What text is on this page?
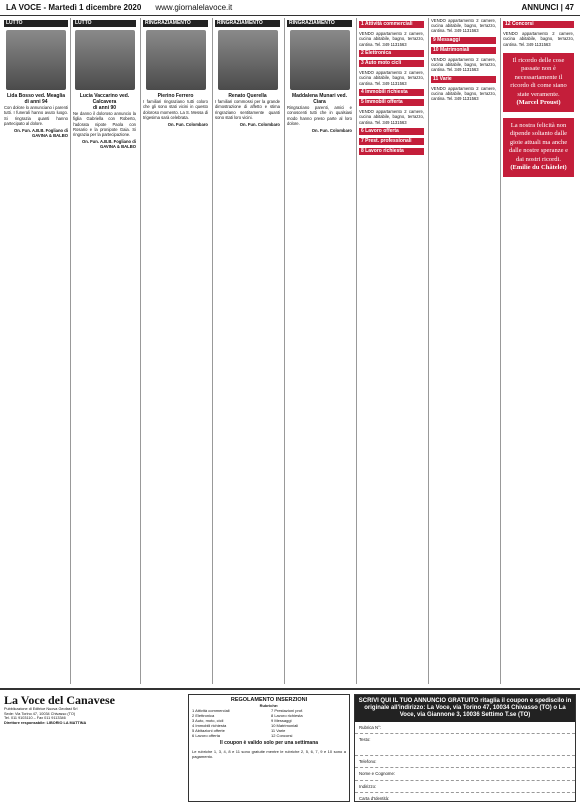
LA VOCE - Martedì 1 dicembre 2020 www.giornalelavoce.it	ANNUNCI | 47
LUTTO
Lida Bosso ved. Meaglia
di anni 94
Con dolore lo annunciano i parenti tutti. I funerali hanno avuto luogo. Si ringrazia quanti hanno partecipato al dolore.
On. Fun. A.B.B. Fogliano di GAVINA & BALBO
LUTTO
Lucia Vaccarino ved. Calcavera
di anni 90
Ne danno il doloroso annuncio la figlia Gabriella con Roberto, l'adorata nipote Paola con Rosario e la pronipote Gaia. Si ringrazia per la partecipazione.
On. Fun. A.B.B. Fogliano di GAVINA & BALBO
RINGRAZIAMENTO
Pierino Ferrero
I familiari ringraziano tutti coloro che gli sono stati vicini in questo doloroso momento. La S. Messa di trigesima sarà celebrata.
On. Fun. Colombaro
RINGRAZIAMENTO
Renato Querella
I familiari commossi per la grande dimostrazione di affetto e stima ringraziano sentitamente quanti sono stati loro vicini.
On. Fun. Colombaro
RINGRAZIAMENTO
Maddalena Munari ved. Ciara
Ringraziano parenti, amici e conoscenti tutti che in qualsiasi modo hanno preso parte al loro dolore.
On. Fun. Colombaro
1 Attività commerciali
VENDO appartamento 2 camere, cucina abitabile, bagno, terrazzo, cantina. Tel. 349 1131563
2 Elettronica
3 Auto moto cicli
VENDO appartamento 2 camere, cucina abitabile, bagno, terrazzo, cantina. Tel. 349 1131563
4 Immobili richiesta
5 Immobili offerta
VENDO appartamento 2 camere, cucina abitabile, bagno, terrazzo, cantina. Tel. 349 1131563
6 Lavoro offerta
7 Prest. professionali
8 Lavoro richiesta
VENDO appartamento 2 camere, cucina abitabile, bagno, terrazzo, cantina. Tel. 349 1131563
9 Messaggi
10 Matrimoniali
VENDO appartamento 2 camere, cucina abitabile, bagno, terrazzo, cantina. Tel. 349 1131563
11 Varie
VENDO appartamento 2 camere, cucina abitabile, bagno, terrazzo, cantina. Tel. 349 1131563
12 Concorsi
VENDO appartamento 2 camere, cucina abitabile, bagno, terrazzo, cantina. Tel. 349 1131563
Il ricordo delle cose passate non è necessariamente il ricordo di come siano state veramente.
(Marcel Proust)
La nostra felicità non dipende soltanto dalle gioie attuali ma anche dalle nostre speranze e dai nostri ricordi.
(Emilie du Châtelet)
La Voce del Canavese
Pubblicazione di Editrice Nuova Geofast Srl
Sede: Via Torino 47, 10034 Chivasso (TO)
Tel. 011 9103110 – Fax 011 9113346
Direttore responsabile: LIBORIO LA MATTINA
REGOLAMENTO INSERZIONI
Rubriche:
1 Attività commerciali	7 Prestazioni prof.
2 Elettronica	8 Lavoro richiesta
3 Auto, moto, cicli	9 Messaggi
4 Immobili richiesta	10 Matrimoniali
5 Abitazioni offerte	11 Varie
6 Lavoro offerta	12 Concorsi
Il coupon è valido solo per una settimana
Le rubriche 1, 3, 4, 8 e 11 sono gratuite mentre le rubriche 2, 5, 6, 7, 9 e 10 sono a pagamento.
SCRIVI QUI IL TUO ANNUNCIO GRATUITO ritaglia il coupon e spediscilo in originale all'indirizzo: La Voce, via Torino 47, 10034 Chivasso (TO) o La Voce, via Giannone 3, 10036 Settimo T.se (TO)
Rubrica N°:
Testo:
Telefono:
Nome e Cognome:
Indirizzo:
Carta d'Identità:
